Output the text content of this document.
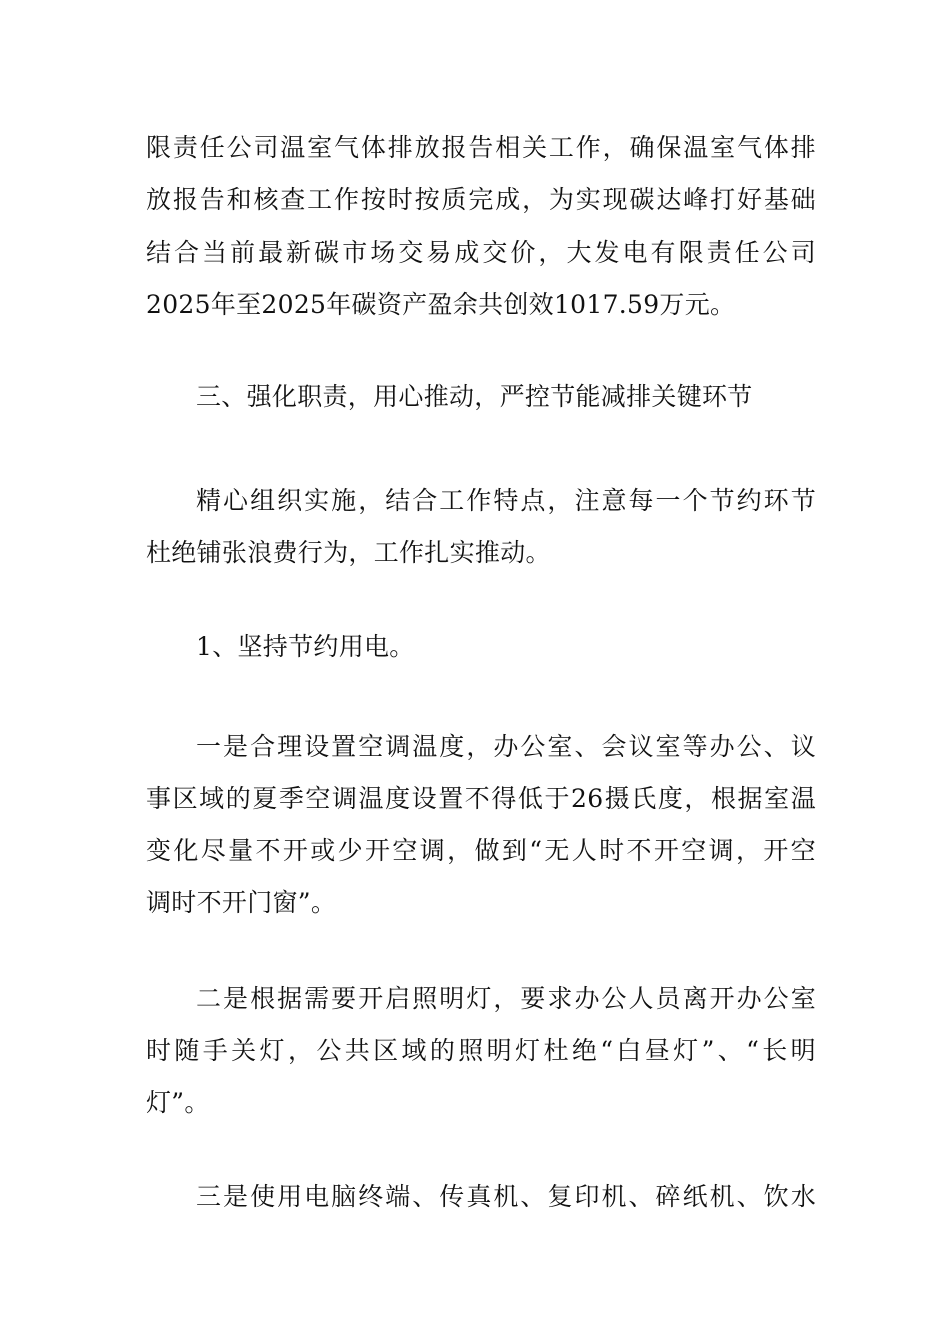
限责任公司温室气体排放报告相关工作，确保温室气体排
放报告和核查工作按时按质完成，为实现碳达峰打好基础
结合当前最新碳市场交易成交价，大发电有限责任公司
2025年至2025年碳资产盈余共创效1017.59万元。
三、强化职责，用心推动，严控节能减排关键环节
精心组织实施，结合工作特点，注意每一个节约环节
杜绝铺张浪费行为，工作扎实推动。
1、坚持节约用电。
一是合理设置空调温度，办公室、会议室等办公、议
事区域的夏季空调温度设置不得低于26摄氏度，根据室温
变化尽量不开或少开空调，做到“无人时不开空调，开空
调时不开门窗”。
二是根据需要开启照明灯，要求办公人员离开办公室
时随手关灯，公共区域的照明灯杜绝“白昼灯”、“长明
灯”。
三是使用电脑终端、传真机、复印机、碎纸机、饮水
